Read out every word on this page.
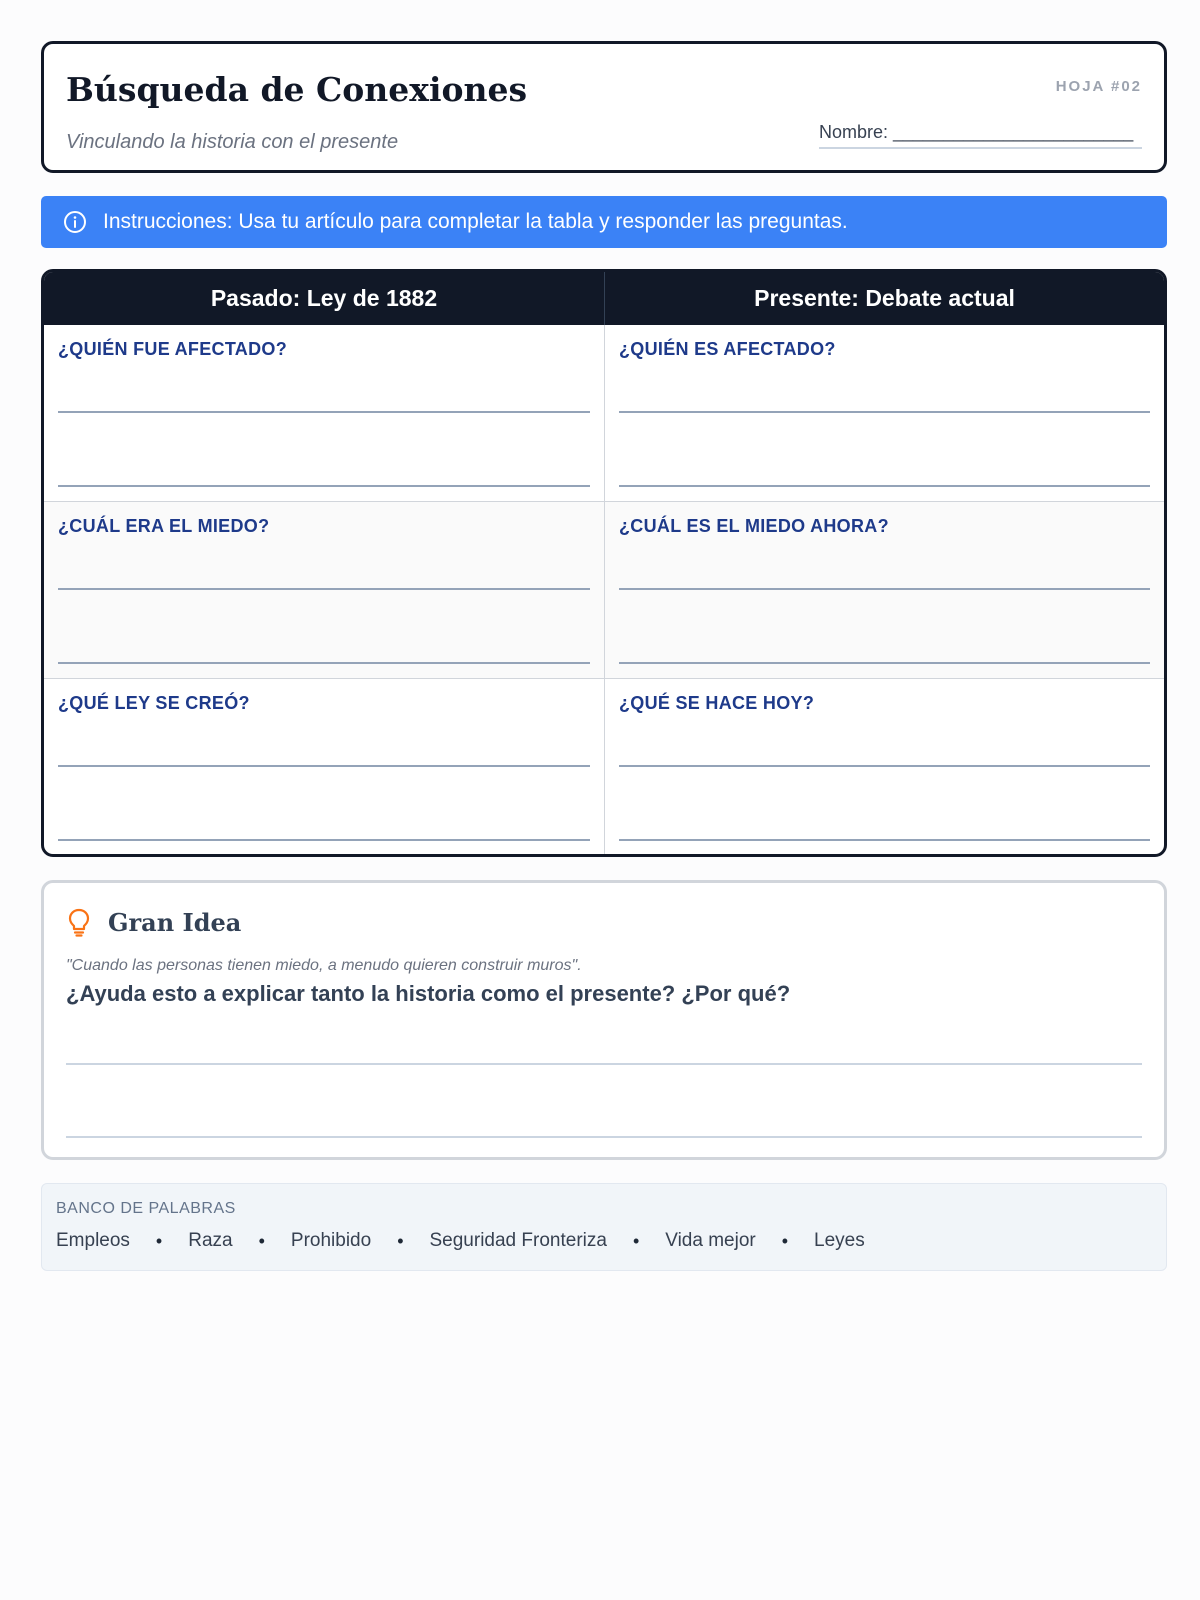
Búsqueda de Conexiones
Vinculando la historia con el presente
HOJA #02
Nombre: ________________________
Instrucciones: Usa tu artículo para completar la tabla y responder las preguntas.
Pasado: Ley de 1882	Presente: Debate actual
¿QUIÉN FUE AFECTADO?	¿QUIÉN ES AFECTADO?
¿CUÁL ERA EL MIEDO?	¿CUÁL ES EL MIEDO AHORA?
¿QUÉ LEY SE CREÓ?	¿QUÉ SE HACE HOY?
Gran Idea
"Cuando las personas tienen miedo, a menudo quieren construir muros".
¿Ayuda esto a explicar tanto la historia como el presente? ¿Por qué?
BANCO DE PALABRAS
Empleos • Raza • Prohibido • Seguridad Fronteriza • Vida mejor • Leyes
